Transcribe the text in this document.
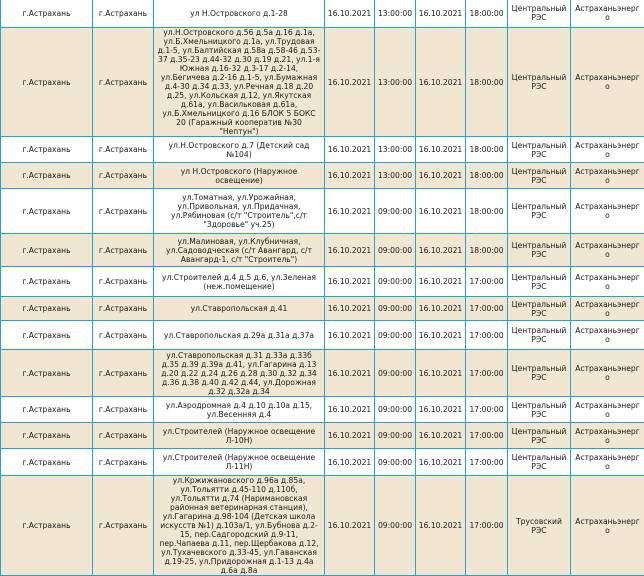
г.Астрахань	г.Астрахань	ул Н.Островского д.1-28	16.10.2021	13:00:00	16.10.2021	18:00:00	Центральный РЭС	Астраханьэнерго
г.Астрахань	г.Астрахань	ул.Н.Островского д.56 д.5а д.16 д.1а, ул.Б.Хмельницкого д.1а, ул.Трудовая д.1-5, ул.Балтийская д.58а д.58-46 д.53-37 д.35-23 д.44-32 д.30 д.19 д.21, ул.1-я Южная д.16-32 д.3-17 д.2-14, ул.Бегичева д.2-16 д.1-5, ул.Бумажная д.4-30 д.34 д.33, ул.Речная д.18 д.20 д.25, ул.Кольская д.12, ул.Якутская д.61а, ул.Васильковая д.61а, ул.Б.Хмельницкого д.16 БЛОК 5 БОКС 20 (Гаражный кооператив №30 "Нептун")	16.10.2021	13:00:00	16.10.2021	18:00:00	Центральный РЭС	Астраханьэнерго
г.Астрахань	г.Астрахань	ул.Н.Островского д.7 (Детский сад №104)	16.10.2021	13:00:00	16.10.2021	18:00:00	Центральный РЭС	Астраханьэнерго
г.Астрахань	г.Астрахань	ул Н.Островского (Наружное освещение)	16.10.2021	13:00:00	16.10.2021	18:00:00	Центральный РЭС	Астраханьэнерго
г.Астрахань	г.Астрахань	ул.Томатная, ул.Урожайная, ул.Привольная, ул.Придачная, ул.Рябиновая (с/т "Строитель",с/т "Здоровье" уч.25)	16.10.2021	09:00:00	16.10.2021	18:00:00	Центральный РЭС	Астраханьэнерго
г.Астрахань	г.Астрахань	ул.Малиновая, ул.Клубничная, ул.Садоводческая (с/т Авангард, с/т Авангард-1, с/т "Строитель")	16.10.2021	09:00:00	16.10.2021	18:00:00	Центральный РЭС	Астраханьэнерго
г.Астрахань	г.Астрахань	ул.Строителей д.4 д.5 д.6, ул.Зеленая (неж.помещение)	16.10.2021	09:00:00	16.10.2021	17:00:00	Центральный РЭС	Астраханьэнерго
г.Астрахань	г.Астрахань	ул.Ставропольская д.41	16.10.2021	09:00:00	16.10.2021	17:00:00	Центральный РЭС	Астраханьэнерго
г.Астрахань	г.Астрахань	ул.Ставропольская д.29а д.31а д.37а	16.10.2021	09:00:00	16.10.2021	17:00:00	Центральный РЭС	Астраханьэнерго
г.Астрахань	г.Астрахань	ул.Ставропольская д.31 д.33а д.33б д.35 д.39 д.39а д.41, ул.Гагарина д.13 д.20 д.22 д.24 д.26 д.28 д.30 д.32 д.34 д.36 д.38 д.40 д.42 д.44, ул.Дорожная д.32 д.32а д.34	16.10.2021	09:00:00	16.10.2021	17:00:00	Центральный РЭС	Астраханьэнерго
г.Астрахань	г.Астрахань	ул.Аэродромная д.4 д.10 д.10а д.15, ул.Весенняя д.4	16.10.2021	09:00:00	16.10.2021	17:00:00	Центральный РЭС	Астраханьэнерго
г.Астрахань	г.Астрахань	ул.Строителей (Наружное освещение Л-10Н)	16.10.2021	09:00:00	16.10.2021	17:00:00	Центральный РЭС	Астраханьэнерго
г.Астрахань	г.Астрахань	ул.Строителей (Наружное освещение Л-11Н)	16.10.2021	09:00:00	16.10.2021	17:00:00	Центральный РЭС	Астраханьэнерго
г.Астрахань	г.Астрахань	ул.Кржижановского д.96а д.85а, ул.Тольятти д.45-110 д.110б, ул.Тольятти д.74 (Наримановская районная ветеринарная станция), ул.Гагарина д.98-104 (Детская школа искусств №1) д.103а/1, ул.Бубнова д.2-15, пер.Садгородский д.9-11, пер.Чапаева д.11, пер.Щербакова д.12, ул.Тухачевского д.33-45, ул.Гаванская д.19-25, ул.Придорожная д.1-13 д.4а д.6а д.8а	16.10.2021	09:00:00	16.10.2021	17:00:00	Трусовский РЭС	Астраханьэнерго
